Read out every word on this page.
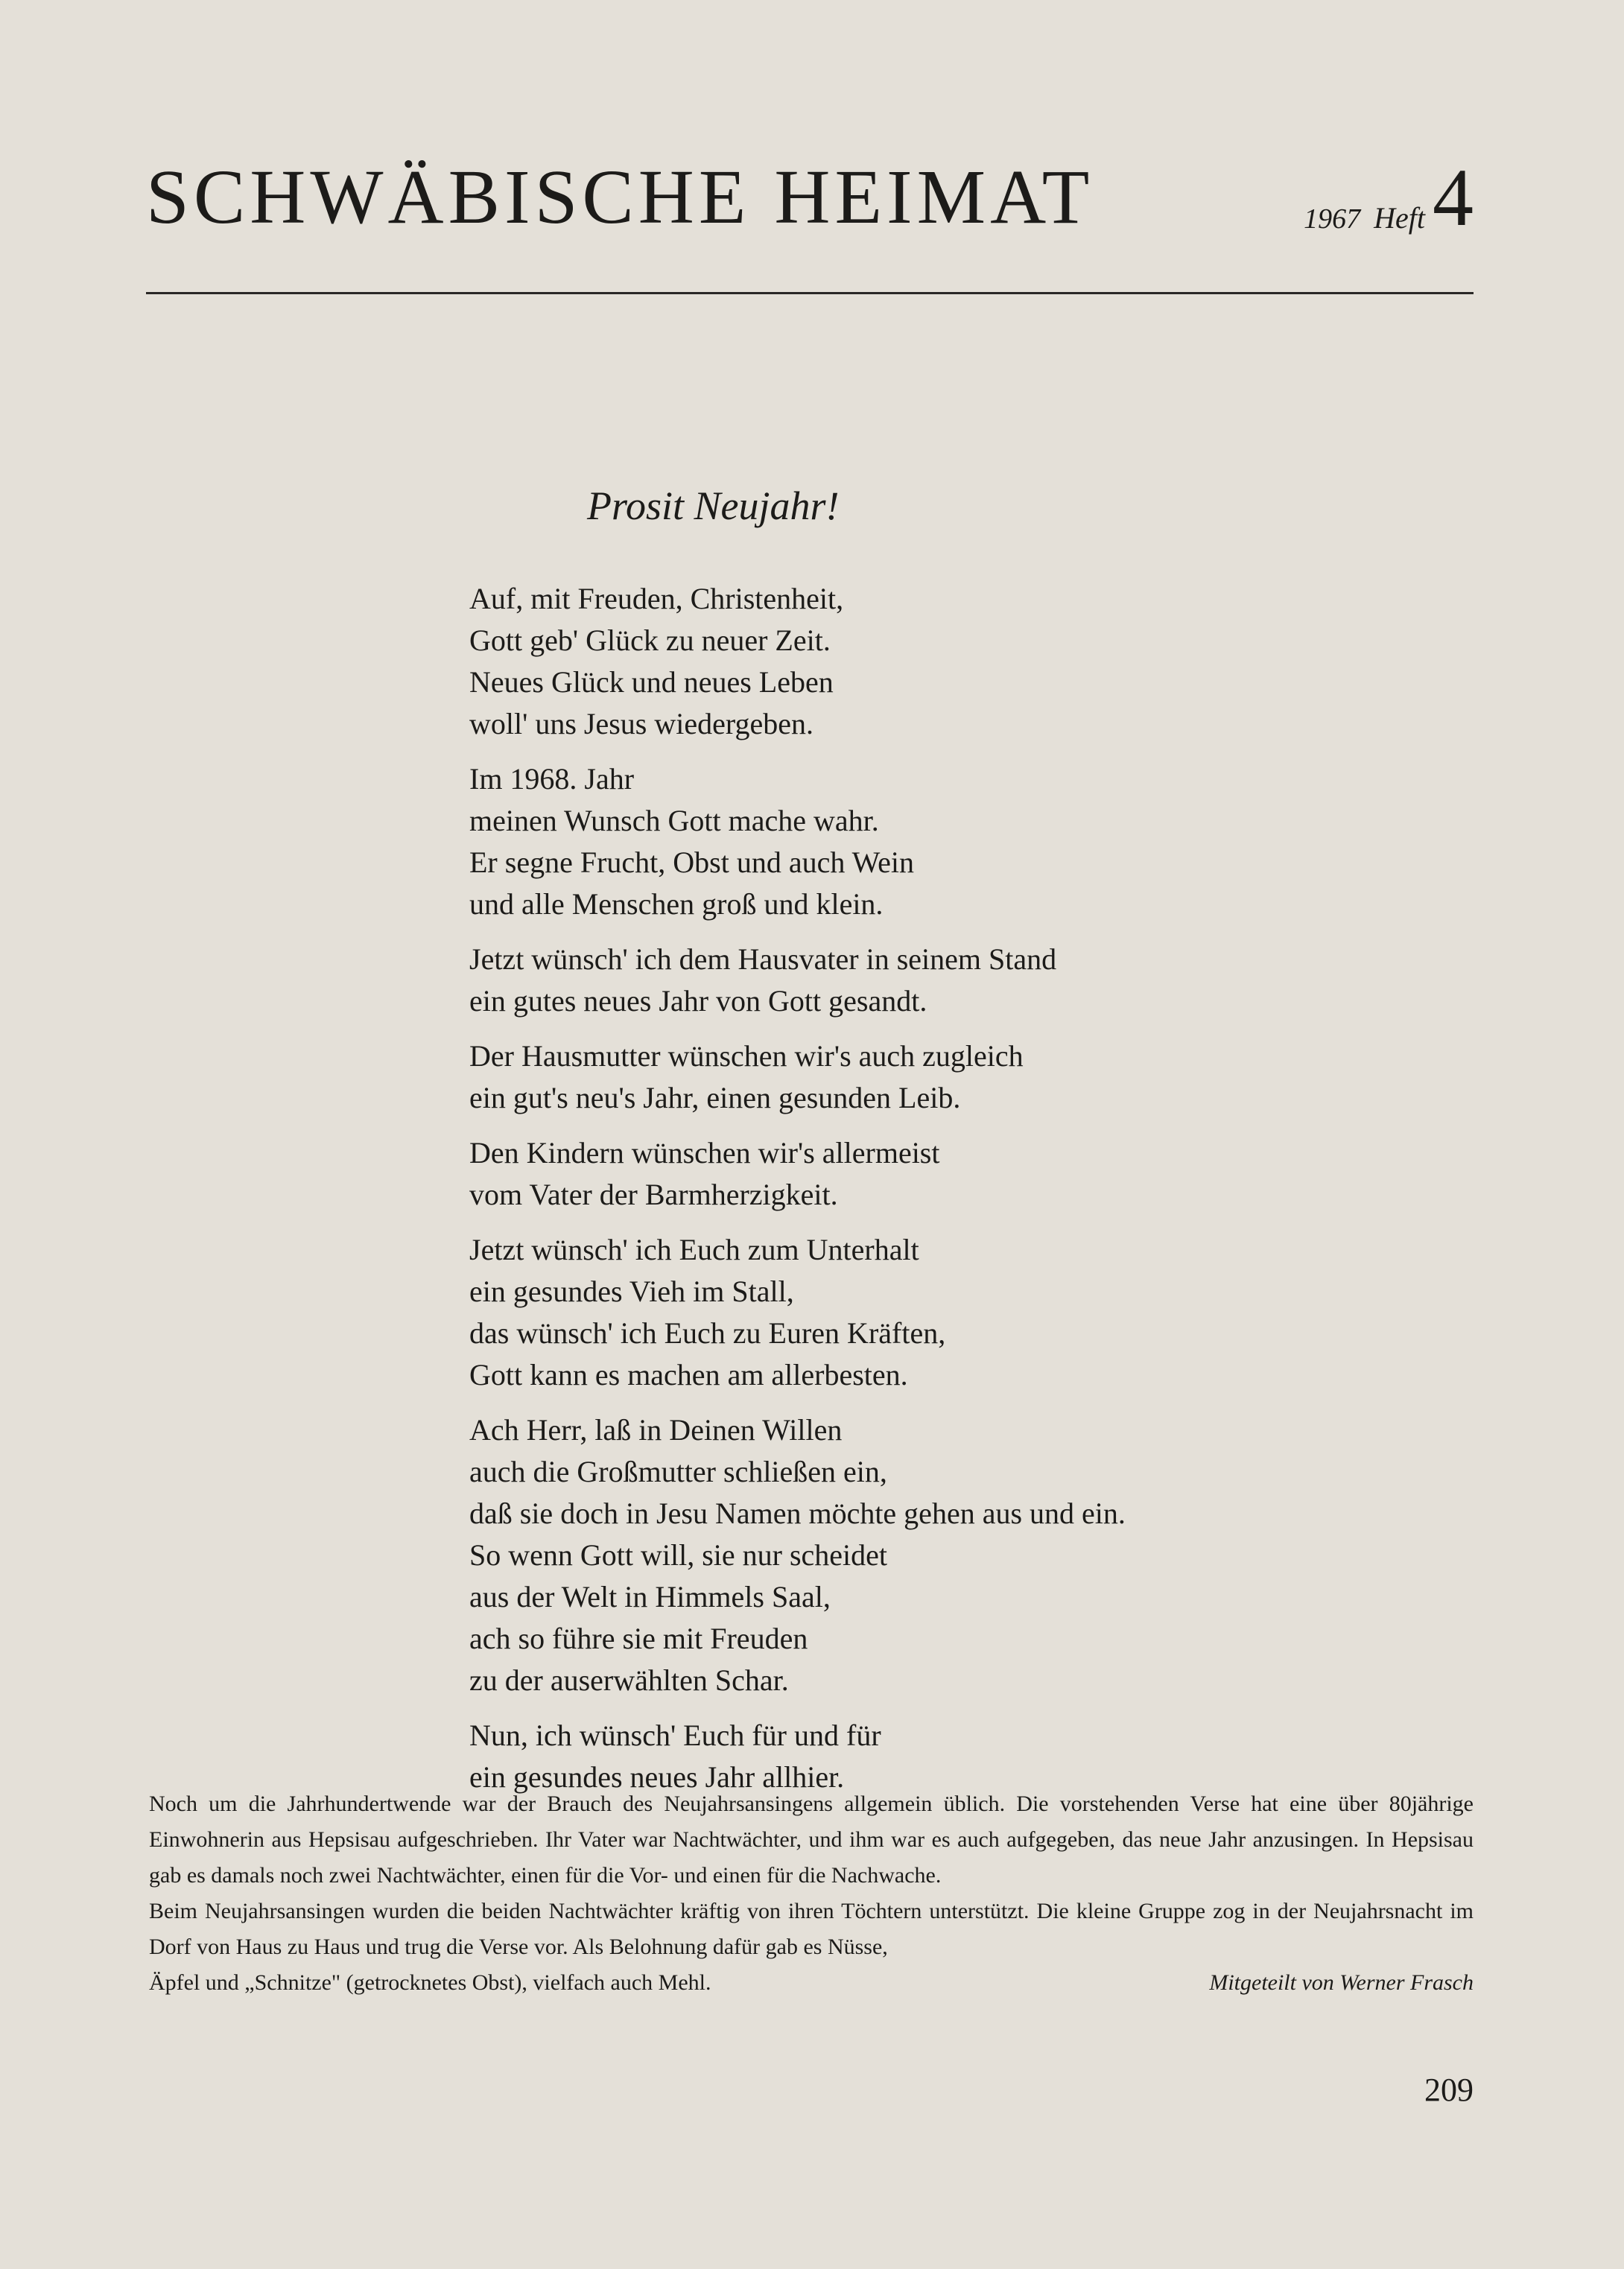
SCHWÄBISCHE HEIMAT	1967 Heft 4
Prosit Neujahr!
Auf, mit Freuden, Christenheit,
Gott geb' Glück zu neuer Zeit.
Neues Glück und neues Leben
woll' uns Jesus wiedergeben.
Im 1968. Jahr
meinen Wunsch Gott mache wahr.
Er segne Frucht, Obst und auch Wein
und alle Menschen groß und klein.
Jetzt wünsch' ich dem Hausvater in seinem Stand
ein gutes neues Jahr von Gott gesandt.
Der Hausmutter wünschen wir's auch zugleich
ein gut's neu's Jahr, einen gesunden Leib.
Den Kindern wünschen wir's allermeist
vom Vater der Barmherzigkeit.
Jetzt wünsch' ich Euch zum Unterhalt
ein gesundes Vieh im Stall,
das wünsch' ich Euch zu Euren Kräften,
Gott kann es machen am allerbesten.
Ach Herr, laß in Deinen Willen
auch die Großmutter schließen ein,
daß sie doch in Jesu Namen möchte gehen aus und ein.
So wenn Gott will, sie nur scheidet
aus der Welt in Himmels Saal,
ach so führe sie mit Freuden
zu der auserwählten Schar.
Nun, ich wünsch' Euch für und für
ein gesundes neues Jahr allhier.

Noch um die Jahrhundertwende war der Brauch des Neujahrsansingens allgemein üblich. Die vorstehenden Verse hat eine über 80jährige Einwohnerin aus Hepsisau aufgeschrieben. Ihr Vater war Nachtwächter, und ihm war es auch aufgegeben, das neue Jahr anzusingen. In Hepsisau gab es damals noch zwei Nachtwächter, einen für die Vor- und einen für die Nachwache.

Beim Neujahrsansingen wurden die beiden Nachtwächter kräftig von ihren Töchtern unterstützt. Die kleine Gruppe zog in der Neujahrsnacht im Dorf von Haus zu Haus und trug die Verse vor. Als Belohnung dafür gab es Nüsse,

Äpfel und „Schnitze" (getrocknetes Obst), vielfach auch Mehl.	Mitgeteilt von Werner Frasch
209
